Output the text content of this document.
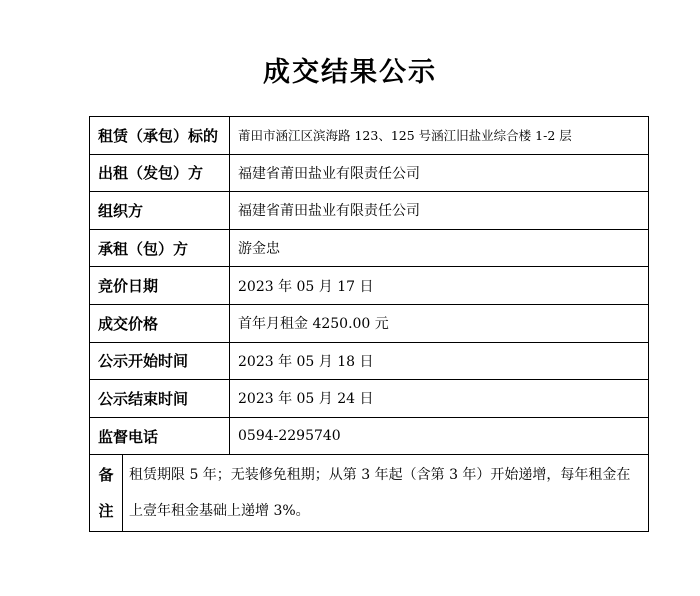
成交结果公示
租赁（承包）标的		莆田市涵江区滨海路 123、125 号涵江旧盐业综合楼 1-2 层
出租（发包）方		福建省莆田盐业有限责任公司
组织方		福建省莆田盐业有限责任公司
承租（包）方		游金忠
竞价日期		2023 年 05 月 17 日
成交价格		首年月租金 4250.00 元
公示开始时间		2023 年 05 月 18 日
公示结束时间		2023 年 05 月 24 日
监督电话		0594-2295740

备
注	租赁期限 5 年；无装修免租期；从第 3 年起（含第 3 年）开始递增，每年租金在上壹年租金基础上递增 3%。	
